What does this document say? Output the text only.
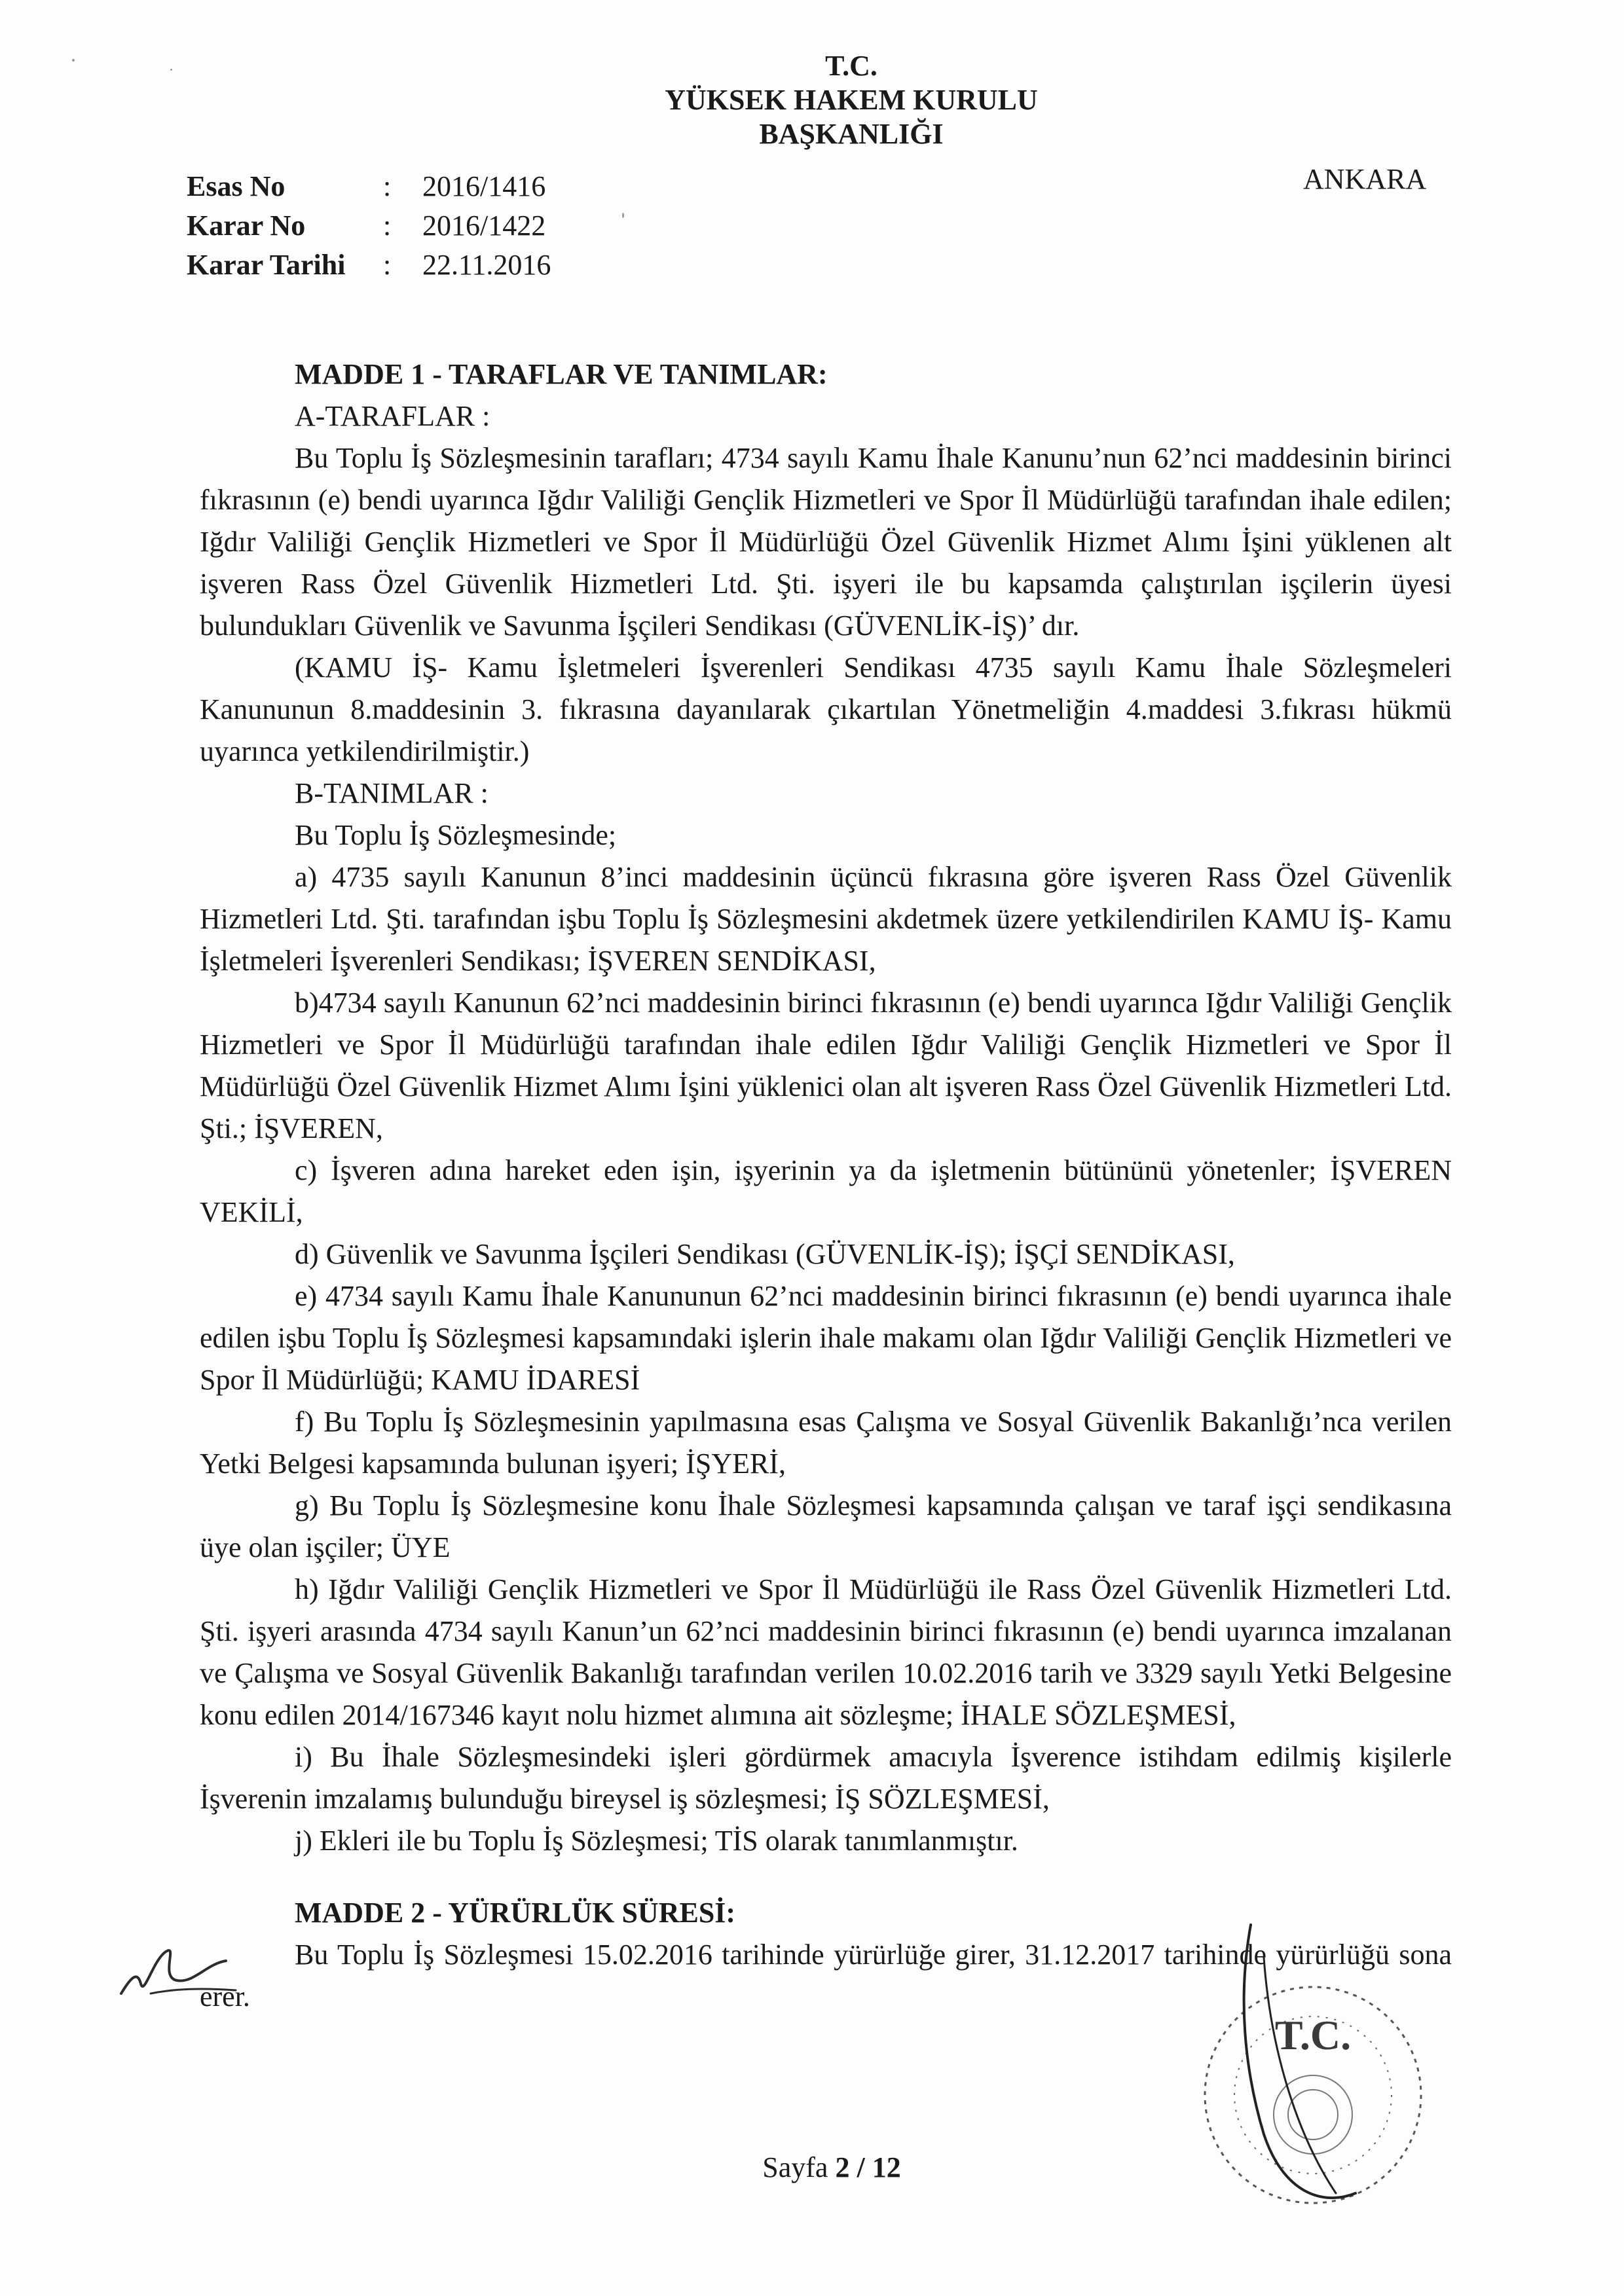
T.C.
YÜKSEK HAKEM KURULU
BAŞKANLIĞI
ANKARA
Esas No	:	2016/1416
Karar No	:	2016/1422
Karar Tarihi	:	22.11.2016

MADDE 1 - TARAFLAR VE TANIMLAR:

A-TARAFLAR :

Bu Toplu İş Sözleşmesinin tarafları; 4734 sayılı Kamu İhale Kanunu’nun 62’nci maddesinin birinci fıkrasının (e) bendi uyarınca Iğdır Valiliği Gençlik Hizmetleri ve Spor İl Müdürlüğü tarafından ihale edilen; Iğdır Valiliği Gençlik Hizmetleri ve Spor İl Müdürlüğü Özel Güvenlik Hizmet Alımı İşini yüklenen alt işveren Rass Özel Güvenlik Hizmetleri Ltd. Şti. işyeri ile bu kapsamda çalıştırılan işçilerin üyesi bulundukları Güvenlik ve Savunma İşçileri Sendikası (GÜVENLİK-İŞ)’ dır.

(KAMU İŞ- Kamu İşletmeleri İşverenleri Sendikası 4735 sayılı Kamu İhale Sözleşmeleri Kanununun 8.maddesinin 3. fıkrasına dayanılarak çıkartılan Yönetmeliğin 4.maddesi 3.fıkrası hükmü uyarınca yetkilendirilmiştir.)

B-TANIMLAR :

Bu Toplu İş Sözleşmesinde;

a) 4735 sayılı Kanunun 8’inci maddesinin üçüncü fıkrasına göre işveren Rass Özel Güvenlik Hizmetleri Ltd. Şti. tarafından işbu Toplu İş Sözleşmesini akdetmek üzere yetkilendirilen KAMU İŞ- Kamu İşletmeleri İşverenleri Sendikası; İŞVEREN SENDİKASI,

b)4734 sayılı Kanunun 62’nci maddesinin birinci fıkrasının (e) bendi uyarınca Iğdır Valiliği Gençlik Hizmetleri ve Spor İl Müdürlüğü tarafından ihale edilen Iğdır Valiliği Gençlik Hizmetleri ve Spor İl Müdürlüğü Özel Güvenlik Hizmet Alımı İşini yüklenici olan alt işveren Rass Özel Güvenlik Hizmetleri Ltd. Şti.; İŞVEREN,

c) İşveren adına hareket eden işin, işyerinin ya da işletmenin bütününü yönetenler; İŞVEREN VEKİLİ,

d) Güvenlik ve Savunma İşçileri Sendikası (GÜVENLİK-İŞ); İŞÇİ SENDİKASI,

e) 4734 sayılı Kamu İhale Kanununun 62’nci maddesinin birinci fıkrasının (e) bendi uyarınca ihale edilen işbu Toplu İş Sözleşmesi kapsamındaki işlerin ihale makamı olan Iğdır Valiliği Gençlik Hizmetleri ve Spor İl Müdürlüğü; KAMU İDARESİ

f) Bu Toplu İş Sözleşmesinin yapılmasına esas Çalışma ve Sosyal Güvenlik Bakanlığı’nca verilen Yetki Belgesi kapsamında bulunan işyeri; İŞYERİ,

g) Bu Toplu İş Sözleşmesine konu İhale Sözleşmesi kapsamında çalışan ve taraf işçi sendikasına üye olan işçiler; ÜYE

h) Iğdır Valiliği Gençlik Hizmetleri ve Spor İl Müdürlüğü ile Rass Özel Güvenlik Hizmetleri Ltd. Şti. işyeri arasında 4734 sayılı Kanun’un 62’nci maddesinin birinci fıkrasının (e) bendi uyarınca imzalanan ve Çalışma ve Sosyal Güvenlik Bakanlığı tarafından verilen 10.02.2016 tarih ve 3329 sayılı Yetki Belgesine konu edilen 2014/167346 kayıt nolu hizmet alımına ait sözleşme; İHALE SÖZLEŞMESİ,

i) Bu İhale Sözleşmesindeki işleri gördürmek amacıyla İşverence istihdam edilmiş kişilerle İşverenin imzalamış bulunduğu bireysel iş sözleşmesi; İŞ SÖZLEŞMESİ,

j) Ekleri ile bu Toplu İş Sözleşmesi; TİS olarak tanımlanmıştır.

MADDE 2 - YÜRÜRLÜK SÜRESİ:

Bu Toplu İş Sözleşmesi 15.02.2016 tarihinde yürürlüğe girer, 31.12.2017 tarihinde yürürlüğü sona erer.

T.C.
Sayfa 2 / 12
